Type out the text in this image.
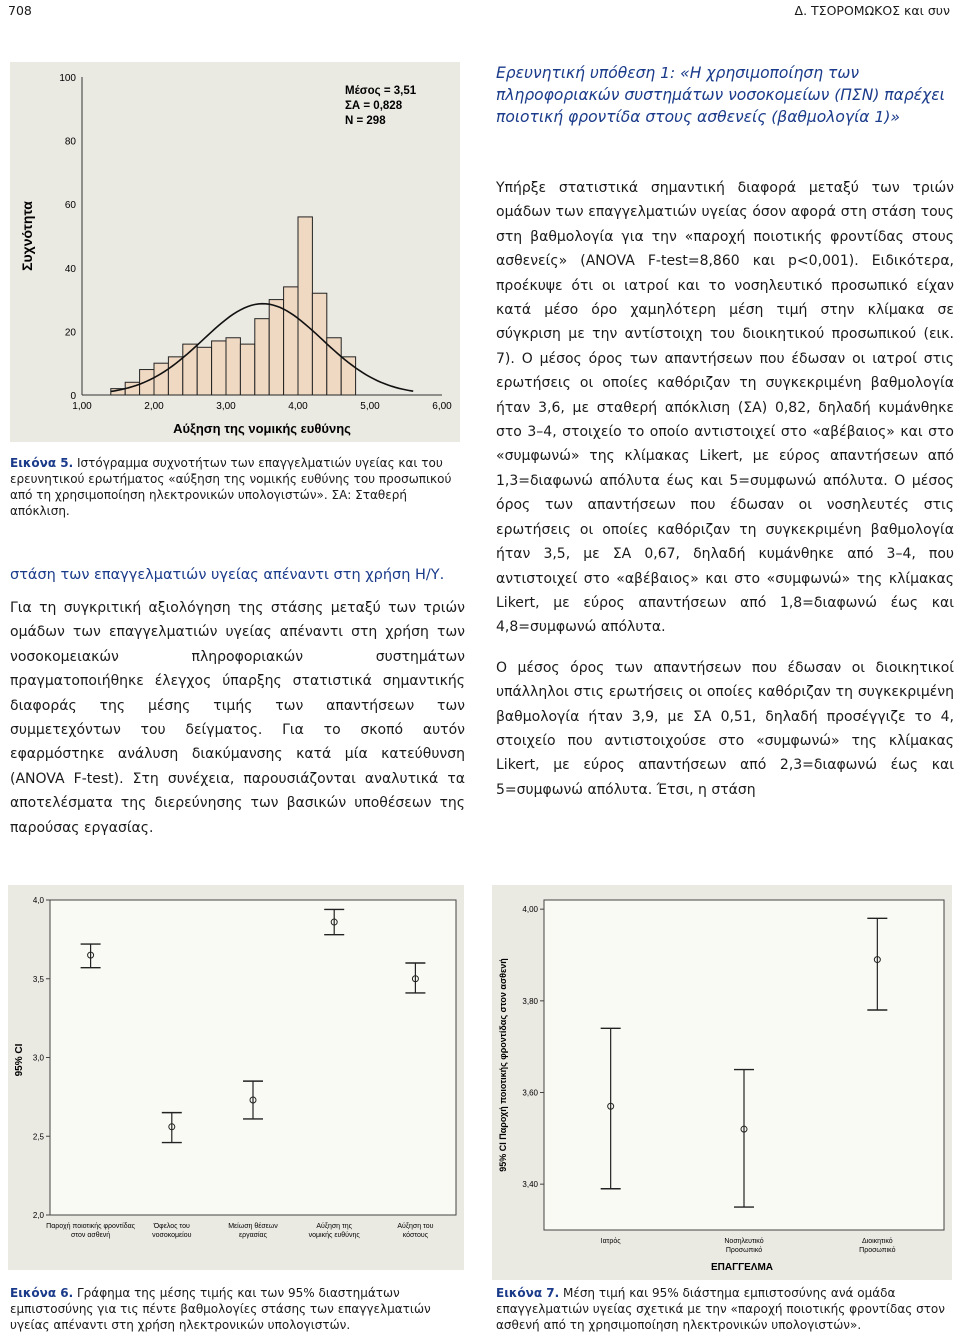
708	Δ. ΤΣΟΡΟΜΩΚΟΣ και συν
0
20
40
60
80
100
1,00	2,00	3,00	4,00	5,00	6,00
Αύξηση της νομικής ευθύνης
Συχνότητα
Μέσος = 3,51
ΣΑ = 0,828
N = 298
Εικόνα 5. Ιστόγραμμα συχνοτήτων των επαγγελματιών υγείας και του ερευνητικού ερωτήματος «αύξηση της νομικής ευθύνης του προσωπικού από τη χρησιμοποίηση ηλεκτρονικών υπολογιστών». ΣΑ: Σταθερή απόκλιση.
στάση των επαγγελματιών υγείας απέναντι στη χρήση Η/Υ.

Για τη συγκριτική αξιολόγηση της στάσης μεταξύ των τριών ομάδων των επαγγελματιών υγείας απέναντι στη χρήση των νοσοκομειακών πληροφοριακών συστημάτων πραγματοποιήθηκε έλεγχος ύπαρξης στατιστικά σημαντικής διαφοράς της μέσης τιμής των απαντήσεων των συμμετεχόντων του δείγματος. Για το σκοπό αυτόν εφαρμόστηκε ανάλυση διακύμανσης κατά μία κατεύθυνση (ANOVA F-test). Στη συνέχεια, παρουσιάζονται αναλυτικά τα αποτελέσματα της διερεύνησης των βασικών υποθέσεων της παρούσας εργασίας.

Ερευνητική υπόθεση 1: «Η χρησιμοποίηση των πληροφοριακών συστημάτων νοσοκομείων (ΠΣΝ) παρέχει ποιοτική φροντίδα στους ασθενείς (βαθμολογία 1)»

Υπήρξε στατιστικά σημαντική διαφορά μεταξύ των τριών ομάδων των επαγγελματιών υγείας όσον αφορά στη στάση τους στη βαθμολογία για την «παροχή ποιοτικής φροντίδας στους ασθενείς» (ANOVA F-test=8,860 και p<0,001). Ειδικότερα, προέκυψε ότι οι ιατροί και το νοσηλευτικό προσωπικό είχαν κατά μέσο όρο χαμηλότερη μέση τιμή στην κλίμακα σε σύγκριση με την αντίστοιχη του διοικητικού προσωπικού (εικ. 7). Ο μέσος όρος των απαντήσεων που έδωσαν οι ιατροί στις ερωτήσεις οι οποίες καθόριζαν τη συγκεκριμένη βαθμολογία ήταν 3,6, με σταθερή απόκλιση (ΣΑ) 0,82, δηλαδή κυμάνθηκε στο 3–4, στοιχείο το οποίο αντιστοιχεί στο «αβέβαιος» και στο «συμφωνώ» της κλίμακας Likert, με εύρος απαντήσεων από 1,3=διαφωνώ απόλυτα έως και 5=συμφωνώ απόλυτα. Ο μέσος όρος των απαντήσεων που έδωσαν οι νοσηλευτές στις ερωτήσεις οι οποίες καθόριζαν τη συγκεκριμένη βαθμολογία ήταν 3,5, με ΣΑ 0,67, δηλαδή κυμάνθηκε από 3–4, που αντιστοιχεί στο «αβέβαιος» και στο «συμφωνώ» της κλίμακας Likert, με εύρος απαντήσεων από 1,8=διαφωνώ έως και 4,8=συμφωνώ απόλυτα.

Ο μέσος όρος των απαντήσεων που έδωσαν οι διοικητικοί υπάλληλοι στις ερωτήσεις οι οποίες καθόριζαν τη συγκεκριμένη βαθμολογία ήταν 3,9, με ΣΑ 0,51, δηλαδή προσέγγιζε το 4, στοιχείο που αντιστοιχούσε στο «συμφωνώ» της κλίμακας Likert, με εύρος απαντήσεων από 2,3=διαφωνώ έως και 5=συμφωνώ απόλυτα. Έτσι, η στάση

2,0
2,5
3,0
3,5
4,0
Παροχή ποιοτικής φροντίδας στον ασθενή
Όφελος του νοσοκομείου
Μείωση θέσεων εργασίας
Αύξηση της νομικής ευθύνης
Αύξηση του κόστους
95% CI
Εικόνα 6. Γράφημα της μέσης τιμής και των 95% διαστημάτων εμπιστοσύνης για τις πέντε βαθμολογίες στάσης των επαγγελματιών υγείας απέναντι στη χρήση ηλεκτρονικών υπολογιστών.
3,40
3,60
3,80
4,00
Ιατρός	Νοσηλευτικό Προσωπικό
Διοικητικό Προσωπικό
95% CI Παροχή ποιοτικής φροντίδας στον ασθενή
ΕΠΑΓΓΕΛΜΑ
Εικόνα 7. Μέση τιμή και 95% διάστημα εμπιστοσύνης ανά ομάδα επαγγελματιών υγείας σχετικά με την «παροχή ποιοτικής φροντίδας στον ασθενή από τη χρησιμοποίηση ηλεκτρονικών υπολογιστών».
